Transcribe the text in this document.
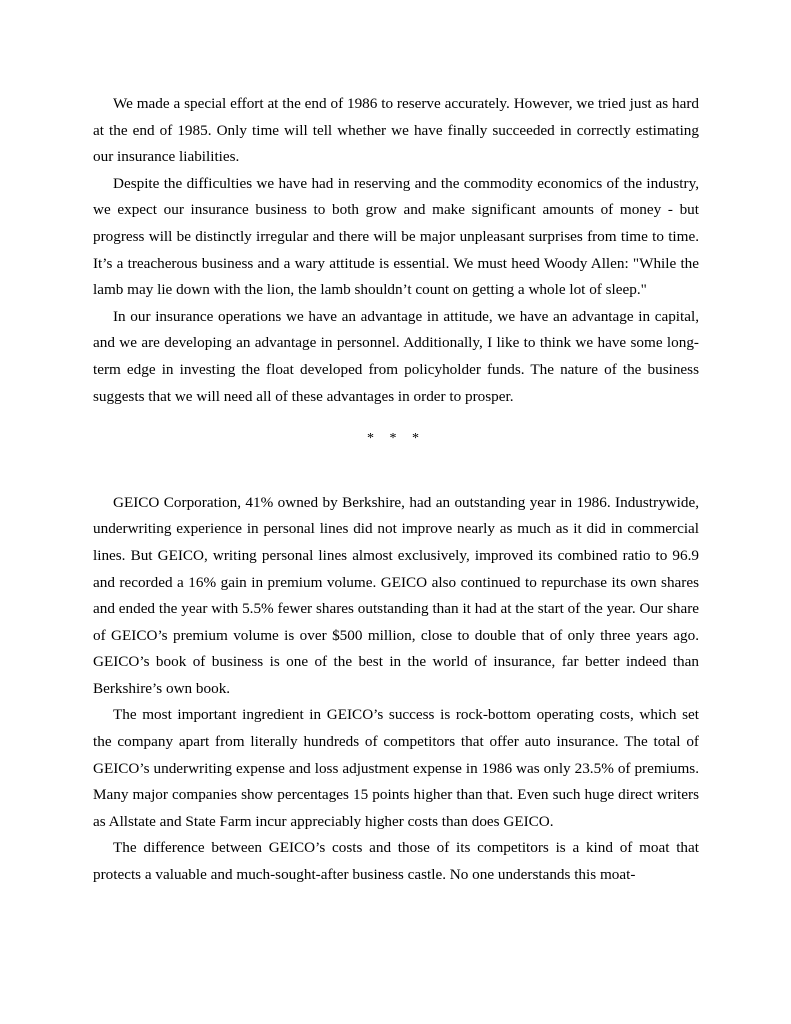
We made a special effort at the end of 1986 to reserve accurately. However, we tried just as hard at the end of 1985. Only time will tell whether we have finally succeeded in correctly estimating our insurance liabilities.

Despite the difficulties we have had in reserving and the commodity economics of the industry, we expect our insurance business to both grow and make significant amounts of money - but progress will be distinctly irregular and there will be major unpleasant surprises from time to time. It’s a treacherous business and a wary attitude is essential. We must heed Woody Allen: "While the lamb may lie down with the lion, the lamb shouldn’t count on getting a whole lot of sleep."

In our insurance operations we have an advantage in attitude, we have an advantage in capital, and we are developing an advantage in personnel. Additionally, I like to think we have some long-term edge in investing the float developed from policyholder funds. The nature of the business suggests that we will need all of these advantages in order to prosper.

* * *

GEICO Corporation, 41% owned by Berkshire, had an outstanding year in 1986. Industrywide, underwriting experience in personal lines did not improve nearly as much as it did in commercial lines. But GEICO, writing personal lines almost exclusively, improved its combined ratio to 96.9 and recorded a 16% gain in premium volume. GEICO also continued to repurchase its own shares and ended the year with 5.5% fewer shares outstanding than it had at the start of the year. Our share of GEICO’s premium volume is over $500 million, close to double that of only three years ago. GEICO’s book of business is one of the best in the world of insurance, far better indeed than Berkshire’s own book.

The most important ingredient in GEICO’s success is rock-bottom operating costs, which set the company apart from literally hundreds of competitors that offer auto insurance. The total of GEICO’s underwriting expense and loss adjustment expense in 1986 was only 23.5% of premiums. Many major companies show percentages 15 points higher than that. Even such huge direct writers as Allstate and State Farm incur appreciably higher costs than does GEICO.

The difference between GEICO’s costs and those of its competitors is a kind of moat that protects a valuable and much-sought-after business castle. No one understands this moat-
